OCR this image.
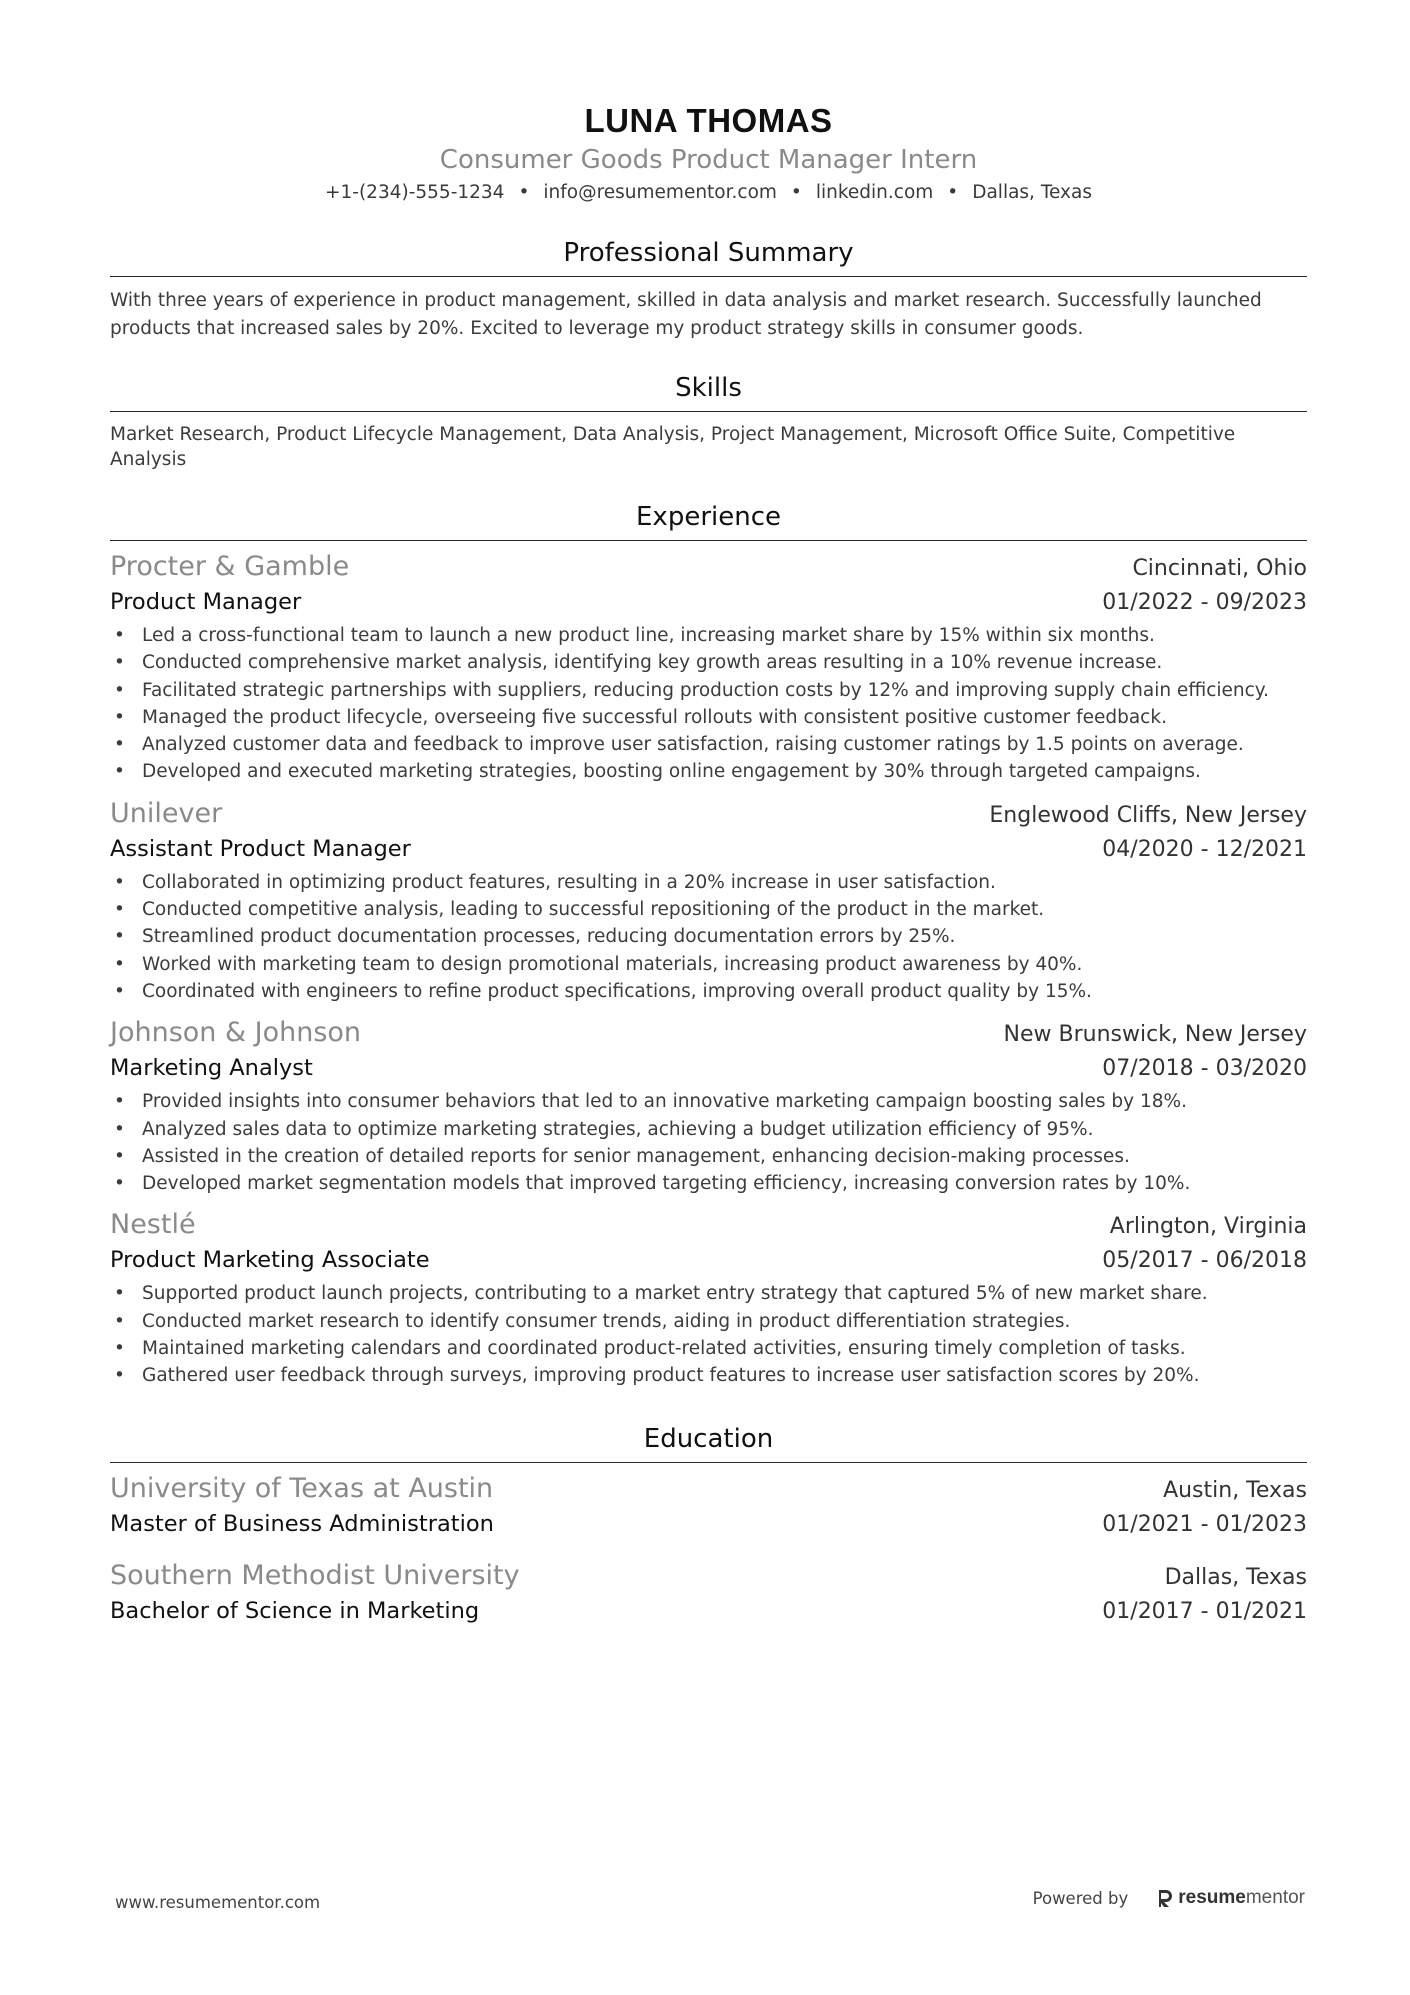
LUNA THOMAS
Consumer Goods Product Manager Intern
+1-(234)-555-1234 • info@resumementor.com • linkedin.com • Dallas, Texas
Professional Summary
With three years of experience in product management, skilled in data analysis and market research. Successfully launched products that increased sales by 20%. Excited to leverage my product strategy skills in consumer goods.
Skills
Market Research, Product Lifecycle Management, Data Analysis, Project Management, Microsoft Office Suite, Competitive Analysis
Experience
Procter & Gamble	Cincinnati, Ohio
Product Manager	01/2022 - 09/2023
• Led a cross-functional team to launch a new product line, increasing market share by 15% within six months.
• Conducted comprehensive market analysis, identifying key growth areas resulting in a 10% revenue increase.
• Facilitated strategic partnerships with suppliers, reducing production costs by 12% and improving supply chain efficiency.
• Managed the product lifecycle, overseeing five successful rollouts with consistent positive customer feedback.
• Analyzed customer data and feedback to improve user satisfaction, raising customer ratings by 1.5 points on average.
• Developed and executed marketing strategies, boosting online engagement by 30% through targeted campaigns.
Unilever	Englewood Cliffs, New Jersey
Assistant Product Manager	04/2020 - 12/2021
• Collaborated in optimizing product features, resulting in a 20% increase in user satisfaction.
• Conducted competitive analysis, leading to successful repositioning of the product in the market.
• Streamlined product documentation processes, reducing documentation errors by 25%.
• Worked with marketing team to design promotional materials, increasing product awareness by 40%.
• Coordinated with engineers to refine product specifications, improving overall product quality by 15%.
Johnson & Johnson	New Brunswick, New Jersey
Marketing Analyst	07/2018 - 03/2020
• Provided insights into consumer behaviors that led to an innovative marketing campaign boosting sales by 18%.
• Analyzed sales data to optimize marketing strategies, achieving a budget utilization efficiency of 95%.
• Assisted in the creation of detailed reports for senior management, enhancing decision-making processes.
• Developed market segmentation models that improved targeting efficiency, increasing conversion rates by 10%.
Nestlé	Arlington, Virginia
Product Marketing Associate	05/2017 - 06/2018
• Supported product launch projects, contributing to a market entry strategy that captured 5% of new market share.
• Conducted market research to identify consumer trends, aiding in product differentiation strategies.
• Maintained marketing calendars and coordinated product-related activities, ensuring timely completion of tasks.
• Gathered user feedback through surveys, improving product features to increase user satisfaction scores by 20%.
Education
University of Texas at Austin	Austin, Texas
Master of Business Administration	01/2021 - 01/2023
Southern Methodist University	Dallas, Texas
Bachelor of Science in Marketing	01/2017 - 01/2021
www.resumementor.com	Powered by	resume mentor
